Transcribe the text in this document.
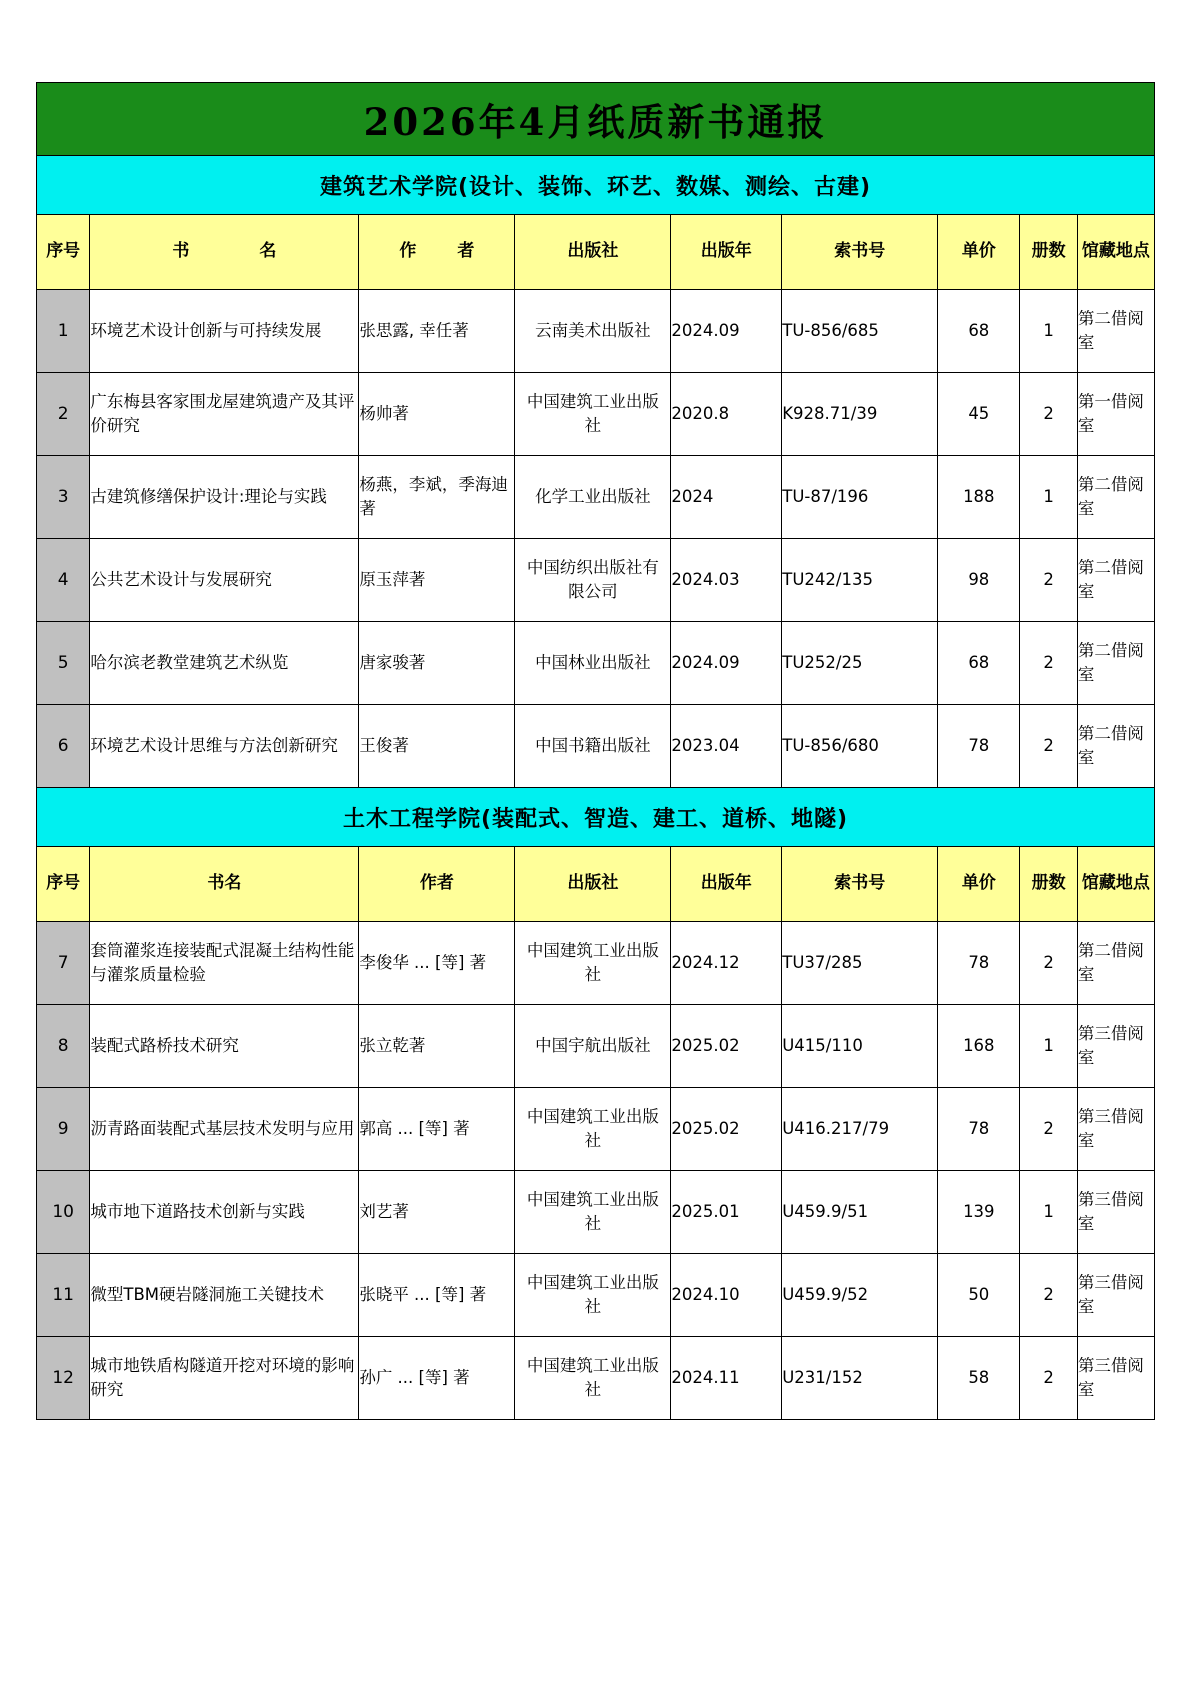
2026年4月纸质新书通报								
建筑艺术学院(设计、装饰、环艺、数媒、测绘、古建)								
序号	书　　名	作　者	出版社	出版年	索书号	单价	册数	馆藏地点
1	环境艺术设计创新与可持续发展	张思露, 幸任著	云南美术出版社	2024.09	TU-856/685	68	1	第二借阅室
2	广东梅县客家围龙屋建筑遗产及其评价研究	杨帅著	中国建筑工业出版社	2020.8	K928.71/39	45	2	第一借阅室
3	古建筑修缮保护设计:理论与实践	杨燕，李斌，季海迪著	化学工业出版社	2024	TU-87/196	188	1	第二借阅室
4	公共艺术设计与发展研究	原玉萍著	中国纺织出版社有限公司	2024.03	TU242/135	98	2	第二借阅室
5	哈尔滨老教堂建筑艺术纵览	唐家骏著	中国林业出版社	2024.09	TU252/25	68	2	第二借阅室
6	环境艺术设计思维与方法创新研究	王俊著	中国书籍出版社	2023.04	TU-856/680	78	2	第二借阅室
土木工程学院(装配式、智造、建工、道桥、地隧)								
序号	书名	作者	出版社	出版年	索书号	单价	册数	馆藏地点
7	套筒灌浆连接装配式混凝土结构性能与灌浆质量检验	李俊华 ... [等] 著	中国建筑工业出版社	2024.12	TU37/285	78	2	第二借阅室
8	装配式路桥技术研究	张立乾著	中国宇航出版社	2025.02	U415/110	168	1	第三借阅室
9	沥青路面装配式基层技术发明与应用	郭高 ... [等] 著	中国建筑工业出版社	2025.02	U416.217/79	78	2	第三借阅室
10	城市地下道路技术创新与实践	刘艺著	中国建筑工业出版社	2025.01	U459.9/51	139	1	第三借阅室
11	微型TBM硬岩隧洞施工关键技术	张晓平 ... [等] 著	中国建筑工业出版社	2024.10	U459.9/52	50	2	第三借阅室
12	城市地铁盾构隧道开挖对环境的影响研究	孙广 ... [等] 著	中国建筑工业出版社	2024.11	U231/152	58	2	第三借阅室
